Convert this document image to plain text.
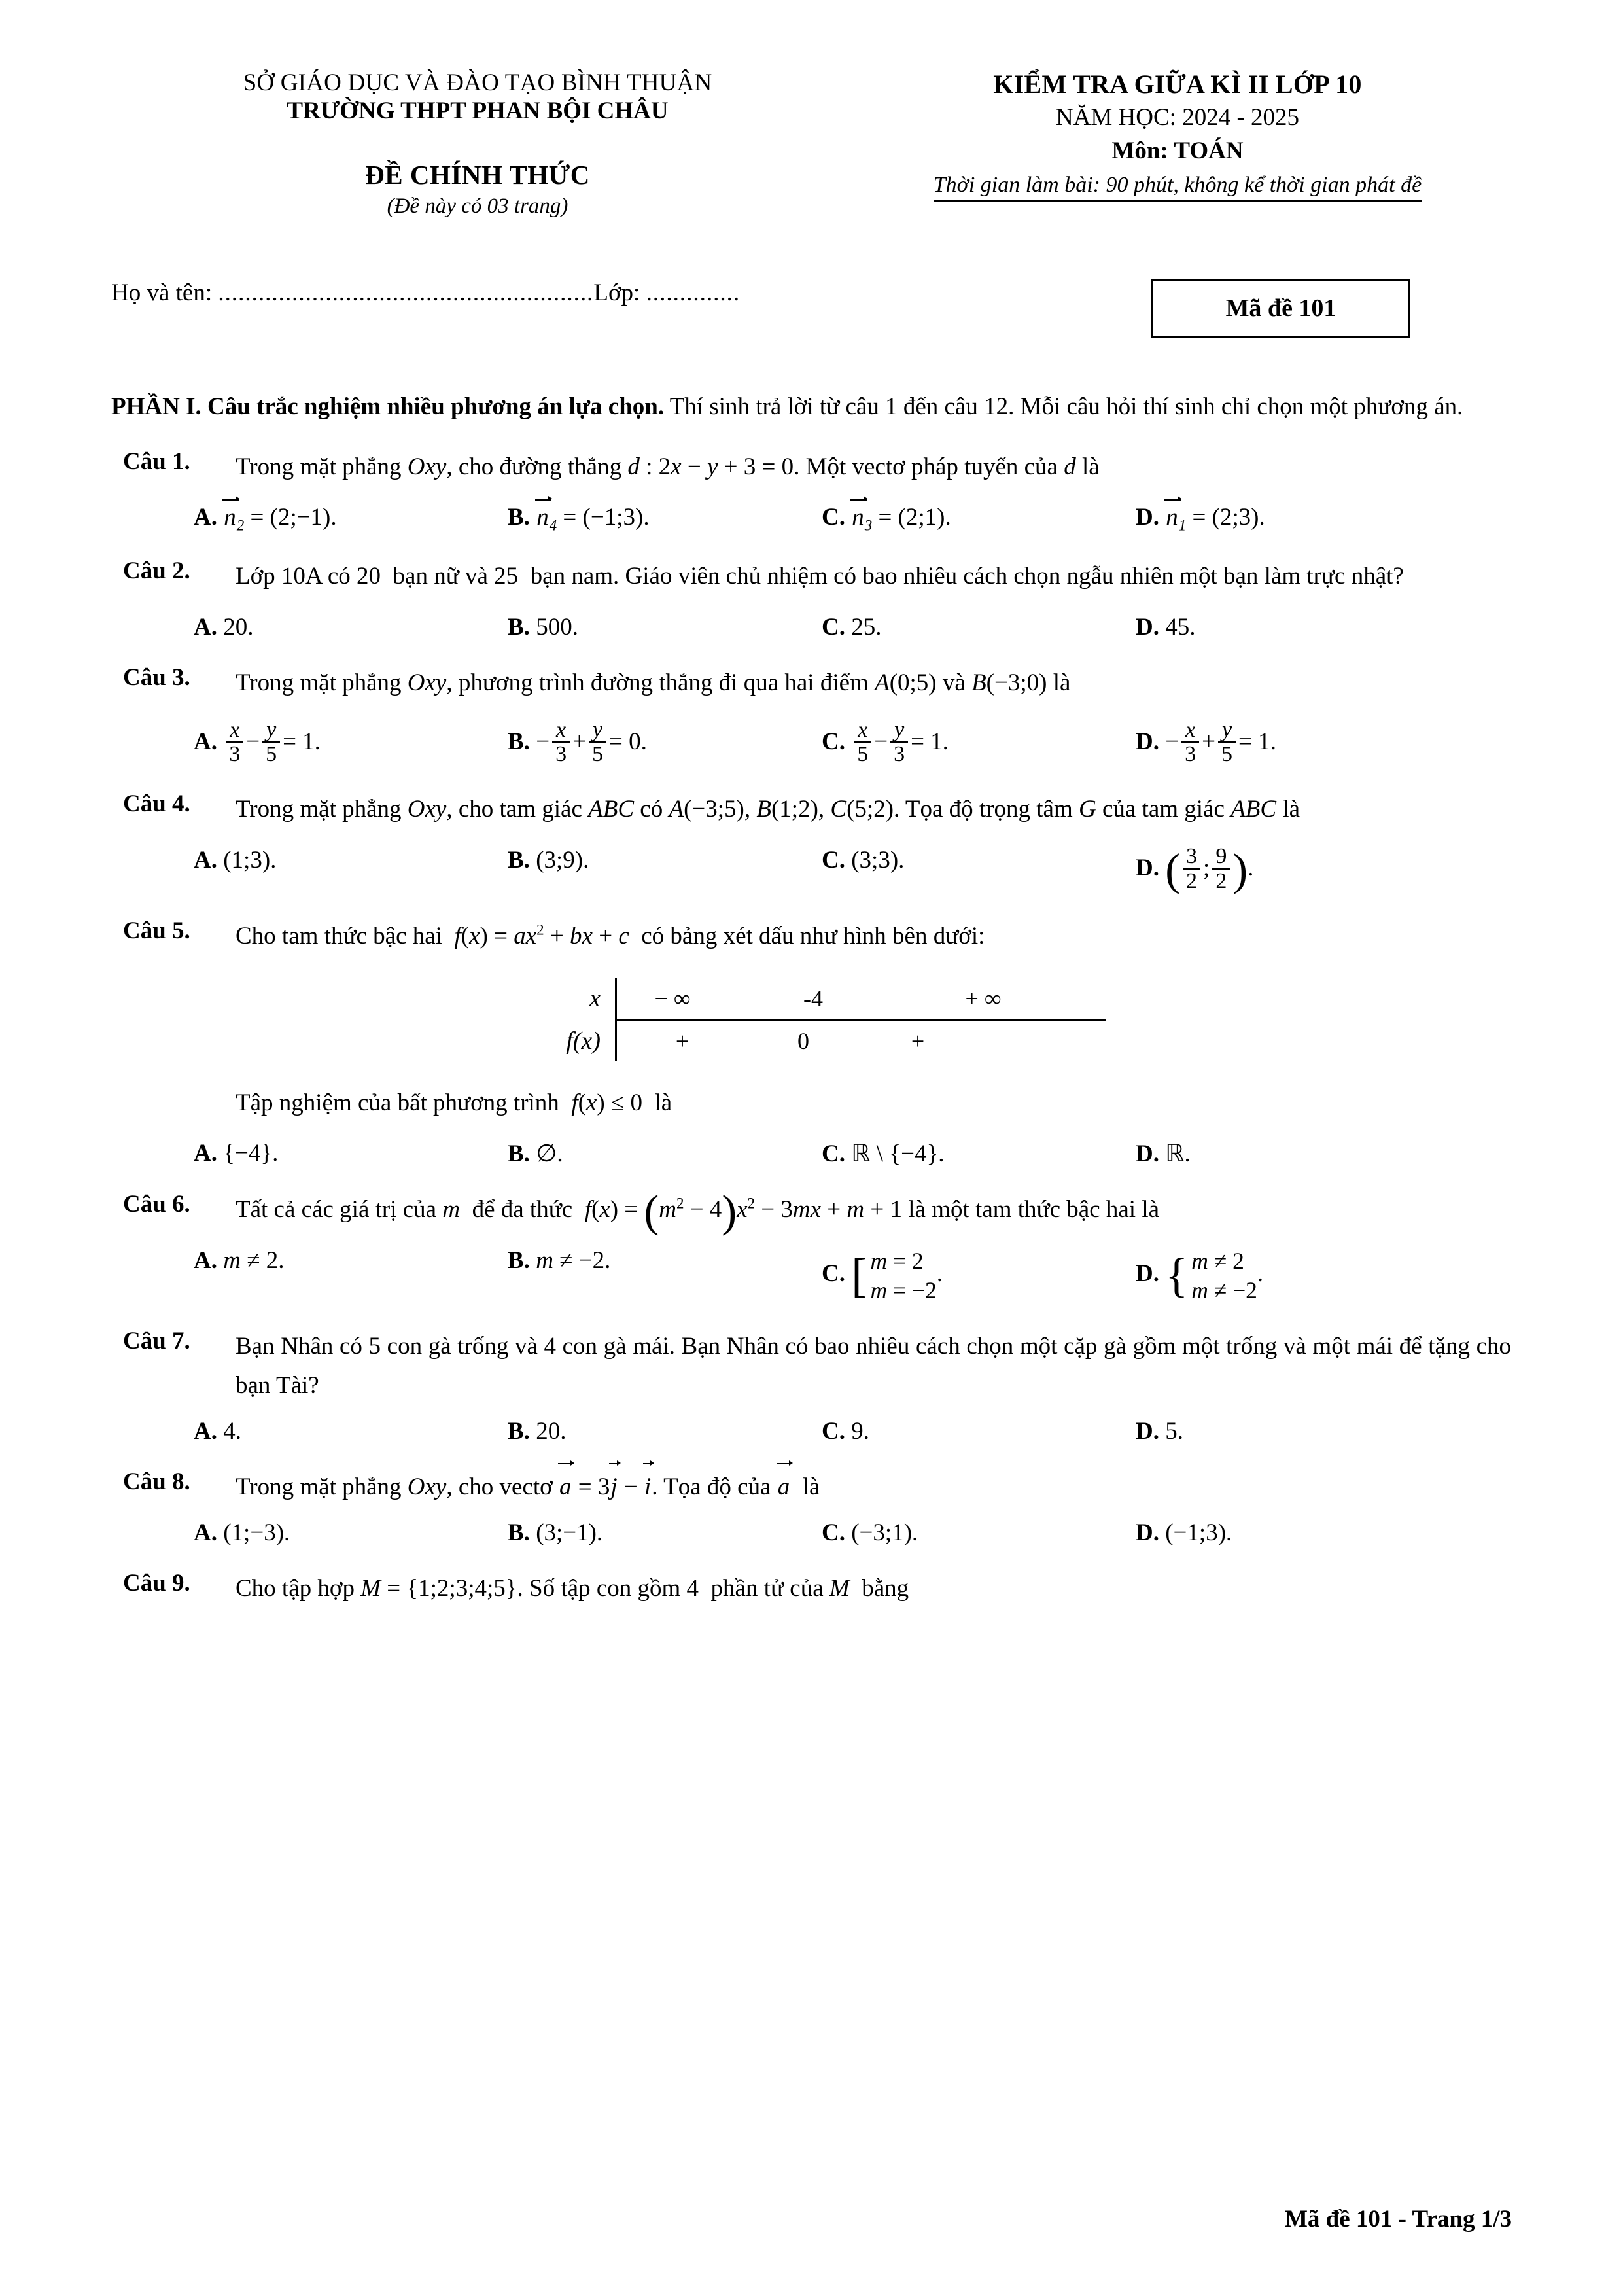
SỞ GIÁO DỤC VÀ ĐÀO TẠO BÌNH THUẬN
TRƯỜNG THPT PHAN BỘI CHÂU
ĐỀ CHÍNH THỨC
(Đề này có 03 trang)
KIỂM TRA GIỮA KÌ II LỚP 10
NĂM HỌC: 2024 - 2025
Môn: TOÁN
Thời gian làm bài: 90 phút, không kể thời gian phát đề
Họ và tên: ........................................................Lớp: ..............
Mã đề 101
PHẦN I. Câu trắc nghiệm nhiều phương án lựa chọn. Thí sinh trả lời từ câu 1 đến câu 12. Mỗi câu hỏi thí sinh chỉ chọn một phương án.
Câu 1.	Trong mặt phẳng Oxy, cho đường thẳng d : 2x − y + 3 = 0. Một vectơ pháp tuyến của d là
A. $n_2$ = (2;−1).	B. $n_4$ = (−1;3).	C. $n_3$ = (2;1).	D. $n_1$ = (2;3).
Câu 2.	Lớp 10A có 20  bạn nữ và 25  bạn nam. Giáo viên chủ nhiệm có bao nhiêu cách chọn ngẫu nhiên một bạn làm trực nhật?
A. 20.	B. 500.	C. 25.	D. 45.
Câu 3.	Trong mặt phẳng Oxy, phương trình đường thẳng đi qua hai điểm A(0;5) và B(−3;0) là
A. $\frac{x}{3} - \frac{y}{5} = 1$.	B. − $\frac{x}{3} + \frac{y}{5} = 0$.	C. $\frac{x}{5} - \frac{y}{3} = 1$.	D. − $\frac{x}{3} + \frac{y}{5} = 1$.
Câu 4.	Trong mặt phẳng Oxy, cho tam giác ABC có A(−3;5), B(1;2), C(5;2). Tọa độ trọng tâm G của tam giác ABC là
A. (1;3).	B. (3;9).	C. (3;3).	D. ( $\frac{3}{2}$ ; $\frac{9}{2}$ ).
Câu 5.	Cho tam thức bậc hai  $f(x) = ax^2$ + bx + c  có bảng xét dấu như hình bên dưới:
x	− ∞	-4	+ ∞
f(x)	+	0	+
Tập nghiệm của bất phương trình  f(x) ≤ 0  là
A. {−4}.	B. ∅.	C. ℝ \ {−4}.	D. ℝ.
Câu 6.	Tất cả các giá trị của m  để đa thức  $f(x) = (m^2 - 4)x^2 - 3mx + m + 1$ là một tam thức bậc hai là
A. m ≠ 2.	B. m ≠ −2.	C. [ m = 2
m = −2
.	D. { m ≠ 2
m ≠ −2
.
Câu 7.	Bạn Nhân có 5 con gà trống và 4 con gà mái. Bạn Nhân có bao nhiêu cách chọn một cặp gà gồm một trống và một mái để tặng cho bạn Tài?
A. 4.	B. 20.	C. 9.	D. 5.
Câu 8.	Trong mặt phẳng Oxy, cho vectơ a = 3j − i. Tọa độ của a  là
A. (1;−3).	B. (3;−1).	C. (−3;1).	D. (−1;3).
Câu 9.	Cho tập hợp M = {1;2;3;4;5}. Số tập con gồm 4  phần tử của M  bằng
Mã đề 101 - Trang 1/3
